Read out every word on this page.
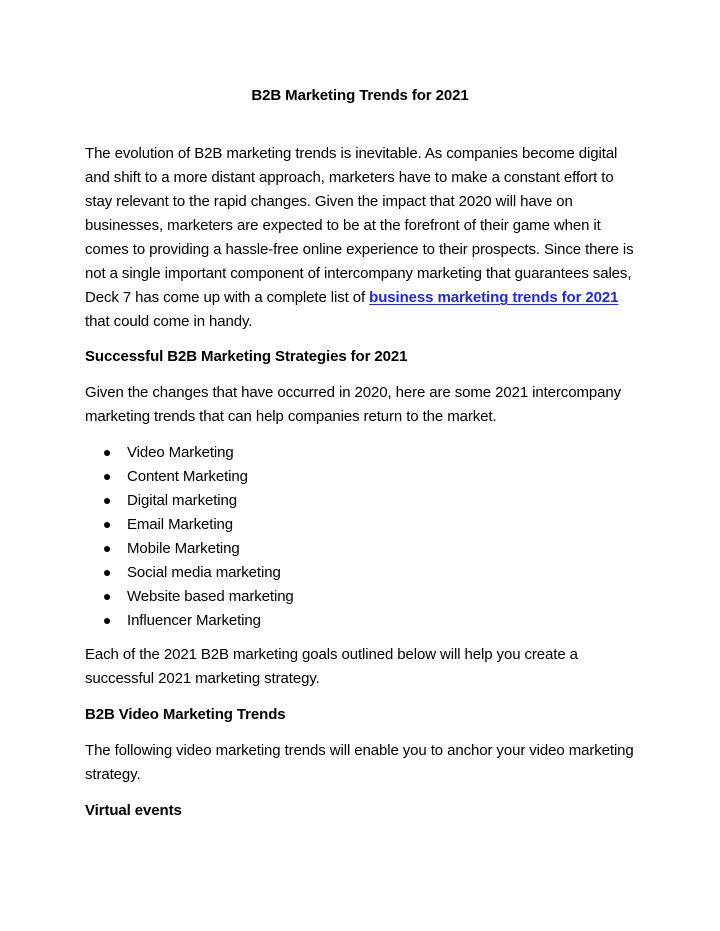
B2B Marketing Trends for 2021

The evolution of B2B marketing trends is inevitable. As companies become digital and shift to a more distant approach, marketers have to make a constant effort to stay relevant to the rapid changes. Given the impact that 2020 will have on businesses, marketers are expected to be at the forefront of their game when it comes to providing a hassle-free online experience to their prospects. Since there is not a single important component of intercompany marketing that guarantees sales, Deck 7 has come up with a complete list of business marketing trends for 2021 that could come in handy.

Successful B2B Marketing Strategies for 2021

Given the changes that have occurred in 2020, here are some 2021 intercompany marketing trends that can help companies return to the market.

Video Marketing
Content Marketing
Digital marketing
Email Marketing
Mobile Marketing
Social media marketing
Website based marketing
Influencer Marketing

Each of the 2021 B2B marketing goals outlined below will help you create a successful 2021 marketing strategy.

B2B Video Marketing Trends

The following video marketing trends will enable you to anchor your video marketing strategy.

Virtual events
